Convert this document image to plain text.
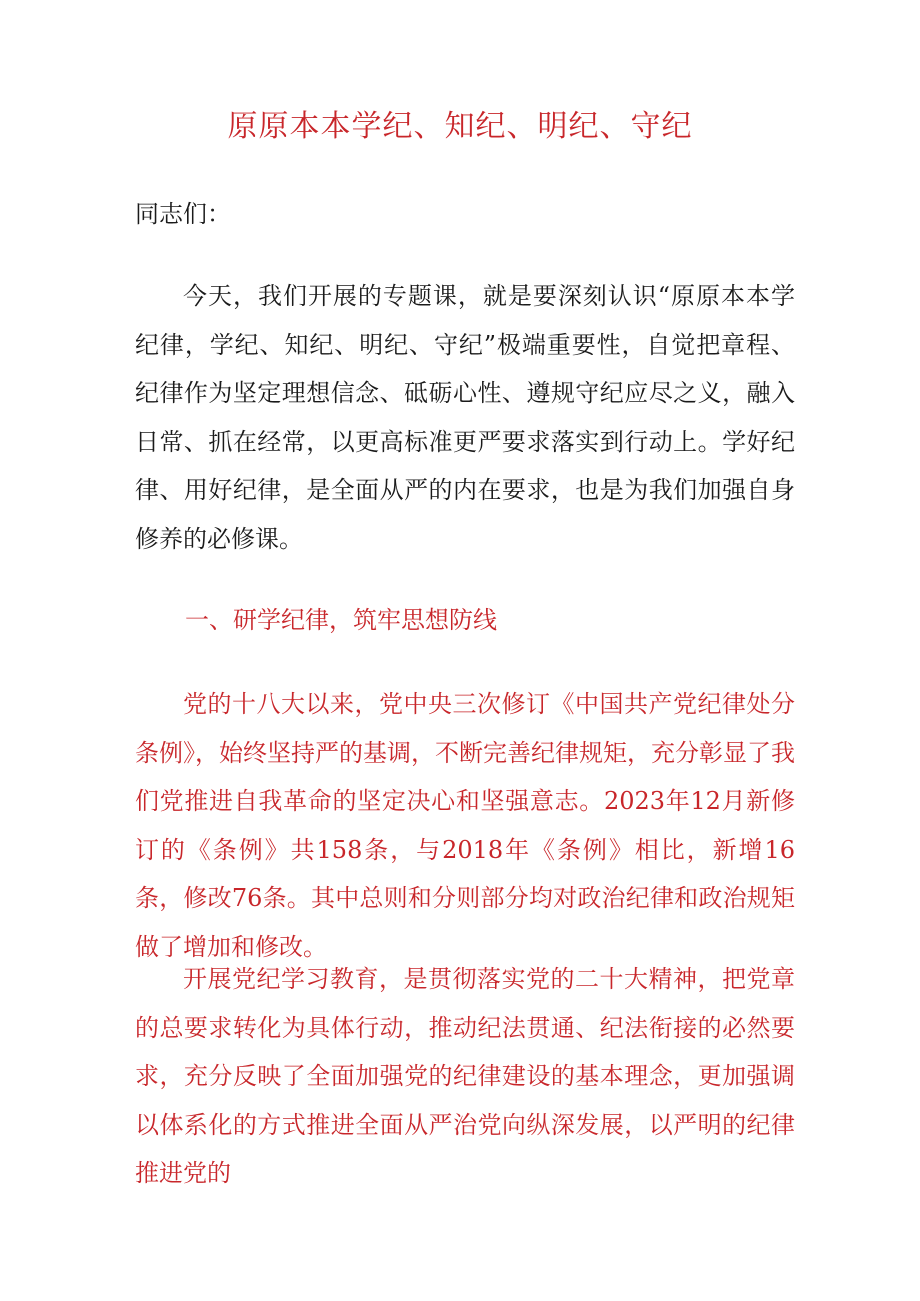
原原本本学纪、知纪、明纪、守纪
同志们：

今天，我们开展的专题课，就是要深刻认识“原原本本学纪律，学纪、知纪、明纪、守纪”极端重要性，自觉把章程、纪律作为坚定理想信念、砥砺心性、遵规守纪应尽之义，融入日常、抓在经常，以更高标准更严要求落实到行动上。学好纪律、用好纪律，是全面从严的内在要求，也是为我们加强自身修养的必修课。

一、研学纪律，筑牢思想防线

党的十八大以来，党中央三次修订《中国共产党纪律处分条例》，始终坚持严的基调，不断完善纪律规矩，充分彰显了我们党推进自我革命的坚定决心和坚强意志。2023年12月新修订的《条例》共158条，与2018年《条例》相比，新增16条，修改76条。其中总则和分则部分均对政治纪律和政治规矩做了增加和修改。

开展党纪学习教育，是贯彻落实党的二十大精神，把党章的总要求转化为具体行动，推动纪法贯通、纪法衔接的必然要求，充分反映了全面加强党的纪律建设的基本理念，更加强调以体系化的方式推进全面从严治党向纵深发展，以严明的纪律推进党的
